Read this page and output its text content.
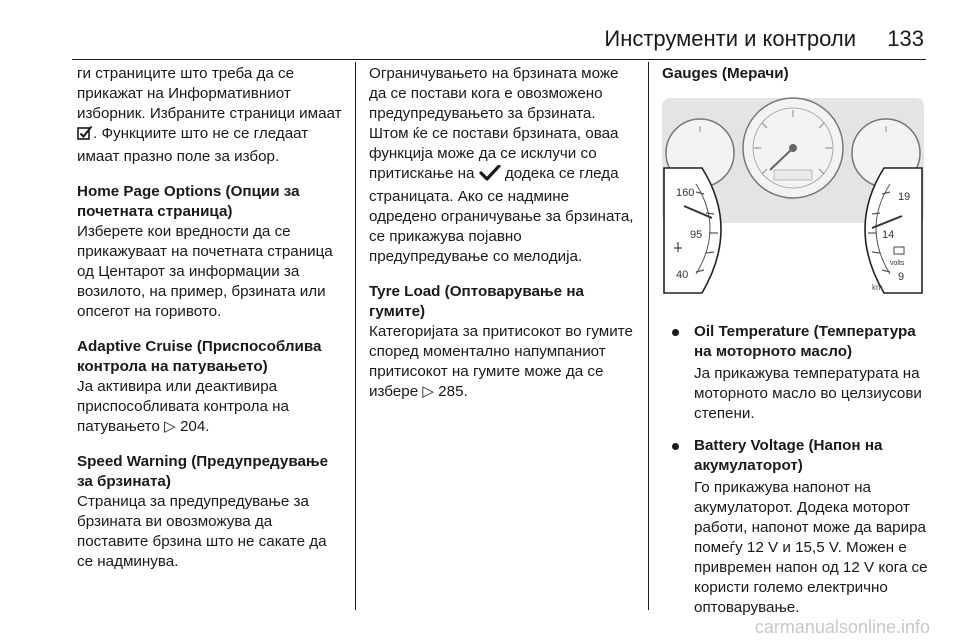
Инструменти и контроли 133

ги страниците што треба да се прикажат на Информативниот изборник. Избраните страници имаат . Функциите што не се гледаат имаат празно поле за избор.

Home Page Options (Опции за почетната страница)

Изберете кои вредности да се прикажуваат на почетната страница од Центарот за информации за возилото, на пример, брзината или опсегот на горивото.

Adaptive Cruise (Приспособлива контрола на патувањето)

Ја активира или деактивира приспособливата контрола на патувањето ▷ 204.

Speed Warning (Предупредување за брзината)

Страница за предупредување за брзината ви овозможува да поставите брзина што не сакате да се надминува.

Ограничувањето на брзината може да се постави кога е овозможено предупредувањето за брзината. Штом ќе се постави брзината, оваа функција може да се исклучи со притискање на додека се гледа страницата. Ако се надмине одредено ограничување за брзината, се прикажува појавно предупредување со мелодија.

Tyre Load (Оптоварување на гумите)

Категоријата за притисокот во гумите според моментално напумпаниот притисокот на гумите може да се избере ▷ 285.

Gauges (Мерачи)
160
95
40
19
14
9
volts
km
Oil Temperature (Температура на моторното масло)
Ја прикажува температурата на моторното масло во целзиусови степени.
Battery Voltage (Напон на акумулаторот)
Го прикажува напонот на акумулаторот. Додека моторот работи, напонот може да варира помеѓу 12 V и 15,5 V. Можен е привремен напон од 12 V кога се користи големо електрично оптоварување.
carmanualsonline.info
